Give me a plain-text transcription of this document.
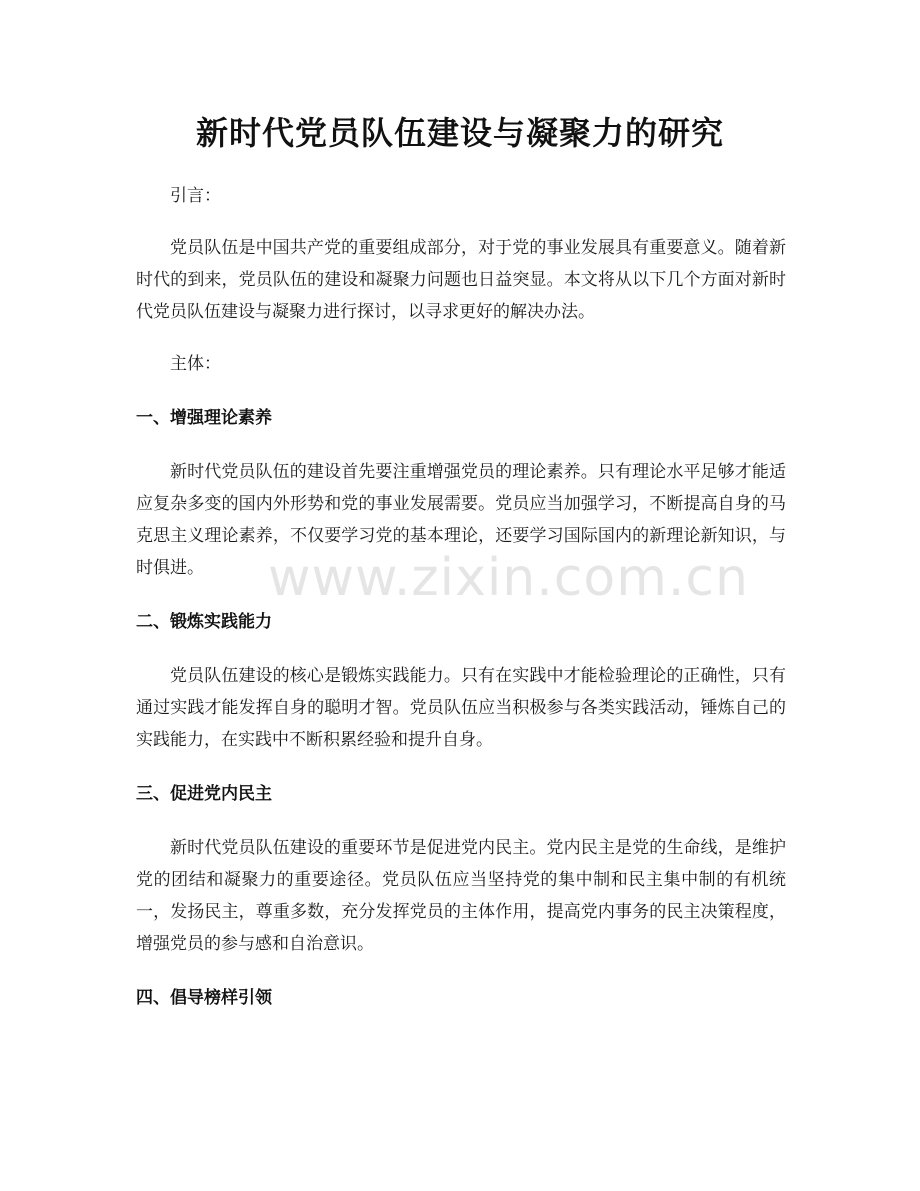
新时代党员队伍建设与凝聚力的研究

引言：

党员队伍是中国共产党的重要组成部分，对于党的事业发展具有重要意义。随着新时代的到来，党员队伍的建设和凝聚力问题也日益突显。本文将从以下几个方面对新时代党员队伍建设与凝聚力进行探讨，以寻求更好的解决办法。

主体：

一、增强理论素养

新时代党员队伍的建设首先要注重增强党员的理论素养。只有理论水平足够才能适应复杂多变的国内外形势和党的事业发展需要。党员应当加强学习，不断提高自身的马克思主义理论素养，不仅要学习党的基本理论，还要学习国际国内的新理论新知识，与时俱进。

二、锻炼实践能力

党员队伍建设的核心是锻炼实践能力。只有在实践中才能检验理论的正确性，只有通过实践才能发挥自身的聪明才智。党员队伍应当积极参与各类实践活动，锤炼自己的实践能力，在实践中不断积累经验和提升自身。

三、促进党内民主

新时代党员队伍建设的重要环节是促进党内民主。党内民主是党的生命线，是维护党的团结和凝聚力的重要途径。党员队伍应当坚持党的集中制和民主集中制的有机统一，发扬民主，尊重多数，充分发挥党员的主体作用，提高党内事务的民主决策程度，增强党员的参与感和自治意识。

四、倡导榜样引领

www.zixin.com.cn
